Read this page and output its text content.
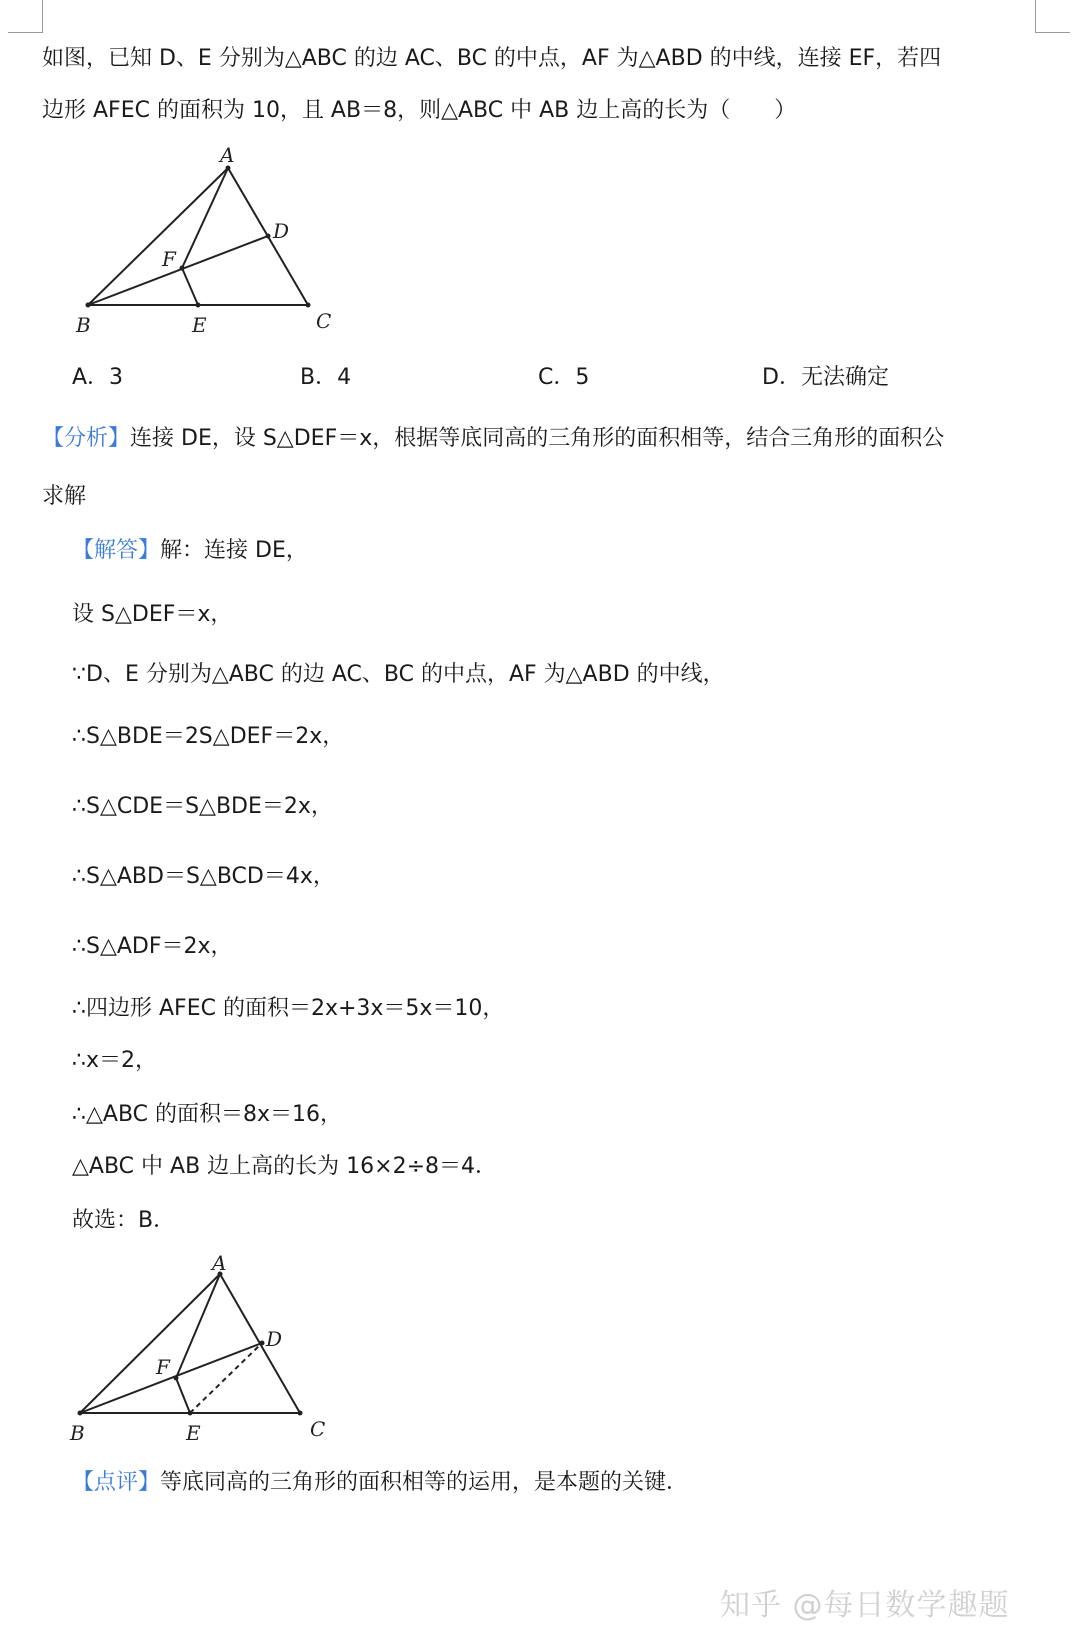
如图，已知 D、E 分别为△ABC 的边 AC、BC 的中点，AF 为△ABD 的中线，连接 EF，若四
边形 AFEC 的面积为 10，且 AB＝8，则△ABC 中 AB 边上高的长为（　　）
A
B	C
D
E
F
A．3	B．4	C．5	D．无法确定
【分析】连接 DE，设 S△DEF＝x，根据等底同高的三角形的面积相等，结合三角形的面积公
求解
【解答】解：连接 DE，
设 S△DEF＝x，
∵D、E 分别为△ABC 的边 AC、BC 的中点，AF 为△ABD 的中线，
∴S△BDE＝2S△DEF＝2x，
∴S△CDE＝S△BDE＝2x，
∴S△ABD＝S△BCD＝4x，
∴S△ADF＝2x，
∴四边形 AFEC 的面积＝2x+3x＝5x＝10，
∴x＝2，
∴△ABC 的面积＝8x＝16，
△ABC 中 AB 边上高的长为 16×2÷8＝4．
故选：B．
A
B	C
D
E
F
【点评】等底同高的三角形的面积相等的运用，是本题的关键．
知乎 @每日数学趣题
